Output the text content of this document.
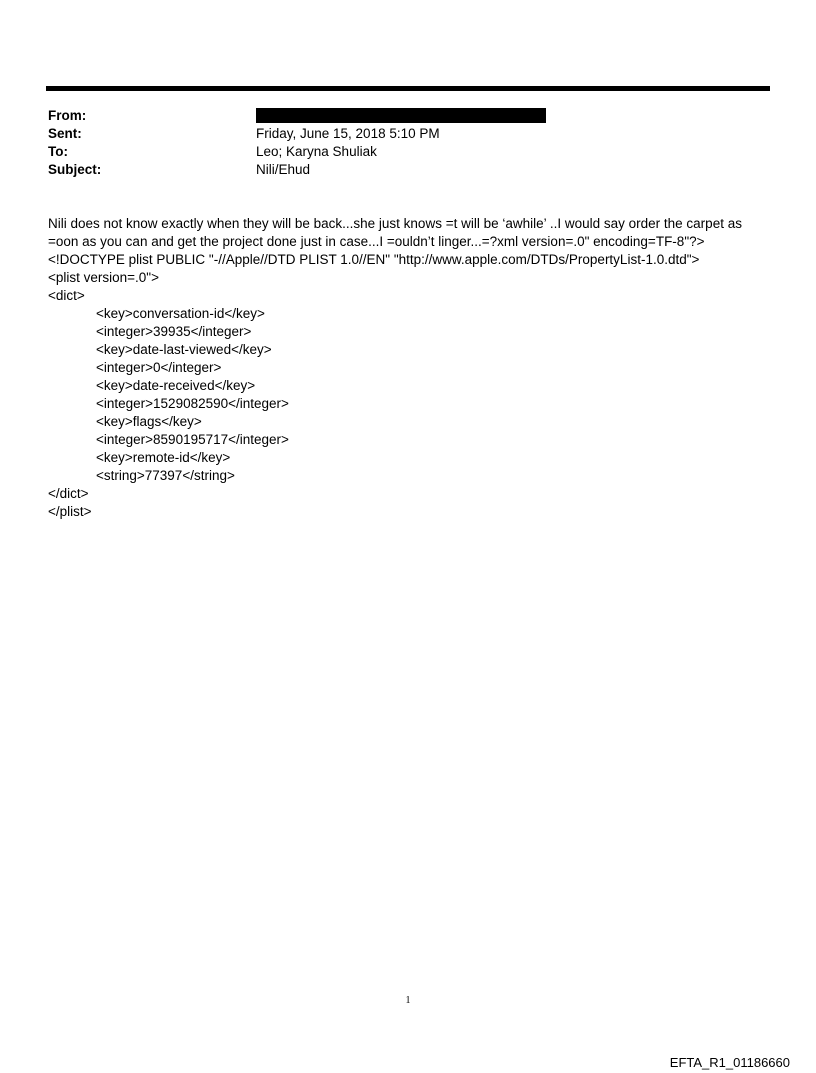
From:
Sent:	Friday, June 15, 2018 5:10 PM
To:	Leo; Karyna Shuliak
Subject:	Nili/Ehud
Nili does not know exactly when they will be back...she just knows =t will be ‘awhile’ ..I would say order the carpet as
=oon as you can and get the project done just in case...I =ouldn’t linger...=?xml version=.0" encoding=TF-8"?>
<!DOCTYPE plist PUBLIC "-//Apple//DTD PLIST 1.0//EN" "http://www.apple.com/DTDs/PropertyList-1.0.dtd">
<plist version=.0">
<dict>
<key>conversation-id</key>
<integer>39935</integer>
<key>date-last-viewed</key>
<integer>0</integer>
<key>date-received</key>
<integer>1529082590</integer>
<key>flags</key>
<integer>8590195717</integer>
<key>remote-id</key>
<string>77397</string>
</dict>
</plist>
1
EFTA_R1_01186660
